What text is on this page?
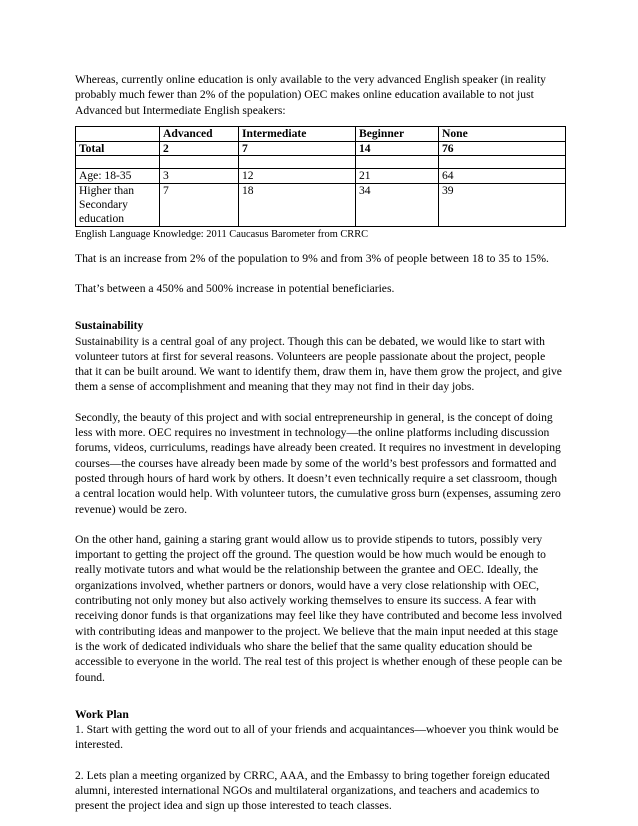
Whereas, currently online education is only available to the very advanced English speaker (in reality probably much fewer than 2% of the population) OEC makes online education available to not just Advanced but Intermediate English speakers:

	Advanced	Intermediate	Beginner	None
Total	2	7	14	76

Age: 18-35	3	12	21	64
Higher than Secondary education	7	18	34	39

English Language Knowledge: 2011 Caucasus Barometer from CRRC

That is an increase from 2% of the population to 9% and from 3% of people between 18 to 35 to 15%.

That’s between a 450% and 500% increase in potential beneficiaries.

Sustainability

Sustainability is a central goal of any project. Though this can be debated, we would like to start with volunteer tutors at first for several reasons. Volunteers are people passionate about the project, people that it can be built around. We want to identify them, draw them in, have them grow the project, and give them a sense of accomplishment and meaning that they may not find in their day jobs.

Secondly, the beauty of this project and with social entrepreneurship in general, is the concept of doing less with more. OEC requires no investment in technology—the online platforms including discussion forums, videos, curriculums, readings have already been created. It requires no investment in developing courses—the courses have already been made by some of the world’s best professors and formatted and posted through hours of hard work by others. It doesn’t even technically require a set classroom, though a central location would help. With volunteer tutors, the cumulative gross burn (expenses, assuming zero revenue) would be zero.

On the other hand, gaining a staring grant would allow us to provide stipends to tutors, possibly very important to getting the project off the ground. The question would be how much would be enough to really motivate tutors and what would be the relationship between the grantee and OEC. Ideally, the organizations involved, whether partners or donors, would have a very close relationship with OEC, contributing not only money but also actively working themselves to ensure its success. A fear with receiving donor funds is that organizations may feel like they have contributed and become less involved with contributing ideas and manpower to the project. We believe that the main input needed at this stage is the work of dedicated individuals who share the belief that the same quality education should be accessible to everyone in the world. The real test of this project is whether enough of these people can be found.

Work Plan

1. Start with getting the word out to all of your friends and acquaintances—whoever you think would be interested.

2. Lets plan a meeting organized by CRRC, AAA, and the Embassy to bring together foreign educated alumni, interested international NGOs and multilateral organizations, and teachers and academics to present the project idea and sign up those interested to teach classes.
